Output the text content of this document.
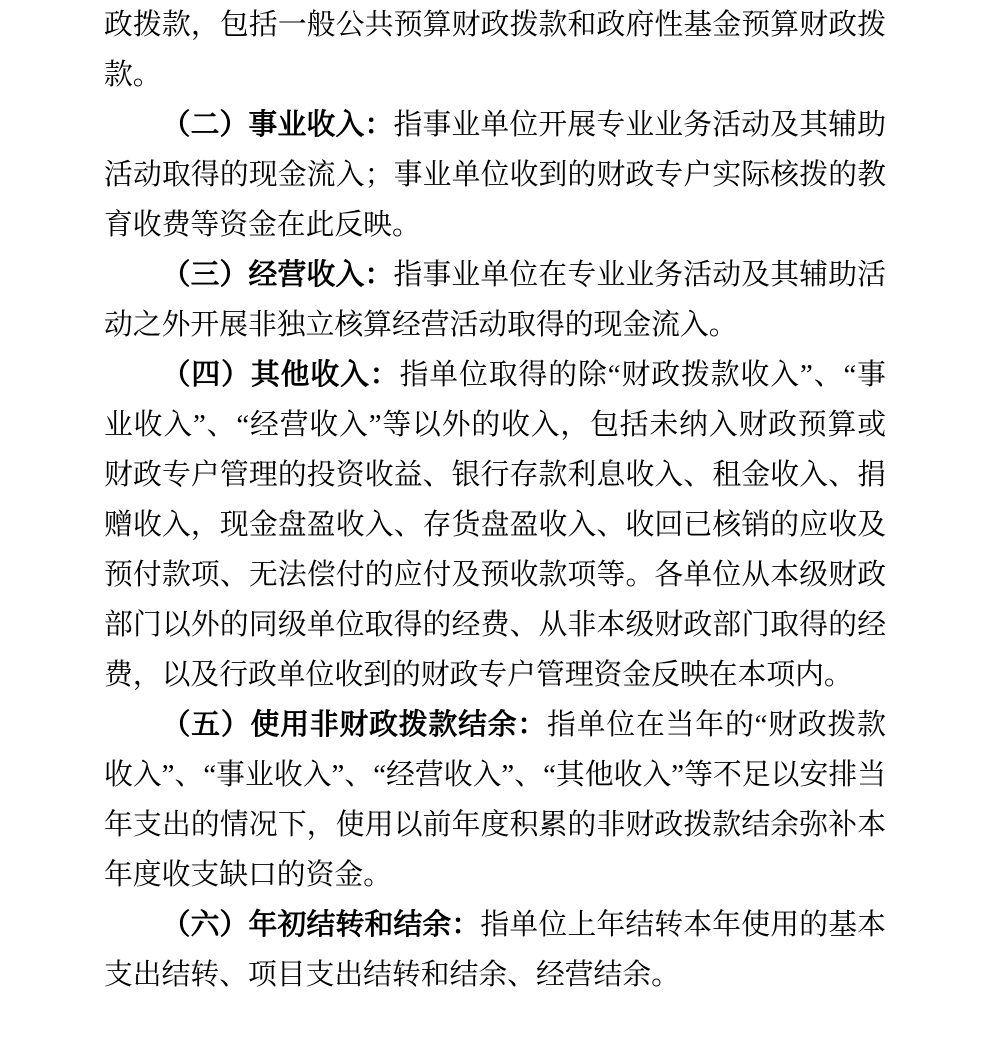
政拨款，包括一般公共预算财政拨款和政府性基金预算财政拨款。

（二）事业收入：指事业单位开展专业业务活动及其辅助活动取得的现金流入；事业单位收到的财政专户实际核拨的教育收费等资金在此反映。

（三）经营收入：指事业单位在专业业务活动及其辅助活动之外开展非独立核算经营活动取得的现金流入。

（四）其他收入：指单位取得的除“财政拨款收入”、“事业收入”、“经营收入”等以外的收入，包括未纳入财政预算或财政专户管理的投资收益、银行存款利息收入、租金收入、捐赠收入，现金盘盈收入、存货盘盈收入、收回已核销的应收及预付款项、无法偿付的应付及预收款项等。各单位从本级财政部门以外的同级单位取得的经费、从非本级财政部门取得的经费，以及行政单位收到的财政专户管理资金反映在本项内。

（五）使用非财政拨款结余：指单位在当年的“财政拨款收入”、“事业收入”、“经营收入”、“其他收入”等不足以安排当年支出的情况下，使用以前年度积累的非财政拨款结余弥补本年度收支缺口的资金。

（六）年初结转和结余：指单位上年结转本年使用的基本支出结转、项目支出结转和结余、经营结余。
